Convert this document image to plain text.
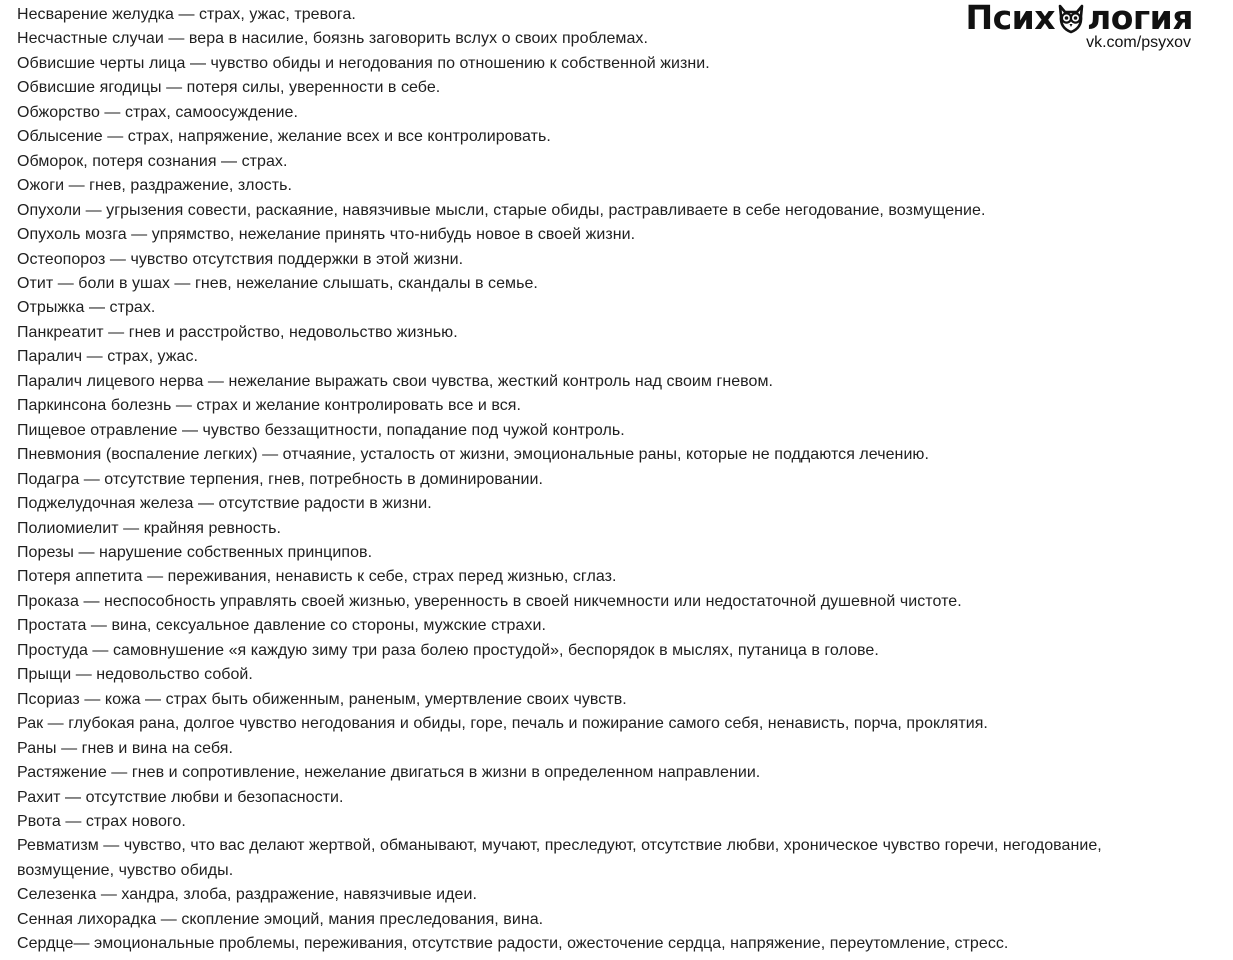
Псих логия
vk.com/psyxov
Несварение желудка — страх, ужас, тревога.
Несчастные случаи — вера в насилие, боязнь заговорить вслух о своих проблемах.
Обвисшие черты лица — чувство обиды и негодования по отношению к собственной жизни.
Обвисшие ягодицы — потеря силы, уверенности в себе.
Обжорство — страх, самоосуждение.
Облысение — страх, напряжение, желание всех и все контролировать.
Обморок, потеря сознания — страх.
Ожоги — гнев, раздражение, злость.
Опухоли — угрызения совести, раскаяние, навязчивые мысли, старые обиды, растравливаете в себе негодование, возмущение.
Опухоль мозга — упрямство, нежелание принять что-нибудь новое в своей жизни.
Остеопороз — чувство отсутствия поддержки в этой жизни.
Отит — боли в ушах — гнев, нежелание слышать, скандалы в семье.
Отрыжка — страх.
Панкреатит — гнев и расстройство, недовольство жизнью.
Паралич — страх, ужас.
Паралич лицевого нерва — нежелание выражать свои чувства, жесткий контроль над своим гневом.
Паркинсона болезнь — страх и желание контролировать все и вся.
Пищевое отравление — чувство беззащитности, попадание под чужой контроль.
Пневмония (воспаление легких) — отчаяние, усталость от жизни, эмоциональные раны, которые не поддаются лечению.
Подагра — отсутствие терпения, гнев, потребность в доминировании.
Поджелудочная железа — отсутствие радости в жизни.
Полиомиелит — крайняя ревность.
Порезы — нарушение собственных принципов.
Потеря аппетита — переживания, ненависть к себе, страх перед жизнью, сглаз.
Проказа — неспособность управлять своей жизнью, уверенность в своей никчемности или недостаточной душевной чистоте.
Простата — вина, сексуальное давление со стороны, мужские страхи.
Простуда — самовнушение «я каждую зиму три раза болею простудой», беспорядок в мыслях, путаница в голове.
Прыщи — недовольство собой.
Псориаз — кожа — страх быть обиженным, раненым, умертвление своих чувств.
Рак — глубокая рана, долгое чувство негодования и обиды, горе, печаль и пожирание самого себя, ненависть, порча, проклятия.
Раны — гнев и вина на себя.
Растяжение — гнев и сопротивление, нежелание двигаться в жизни в определенном направлении.
Рахит — отсутствие любви и безопасности.
Рвота — страх нового.
Ревматизм — чувство, что вас делают жертвой, обманывают, мучают, преследуют, отсутствие любви, хроническое чувство горечи, негодование, возмущение, чувство обиды.
Селезенка — хандра, злоба, раздражение, навязчивые идеи.
Сенная лихорадка — скопление эмоций, мания преследования, вина.
Сердце— эмоциональные проблемы, переживания, отсутствие радости, ожесточение сердца, напряжение, переутомление, стресс.
